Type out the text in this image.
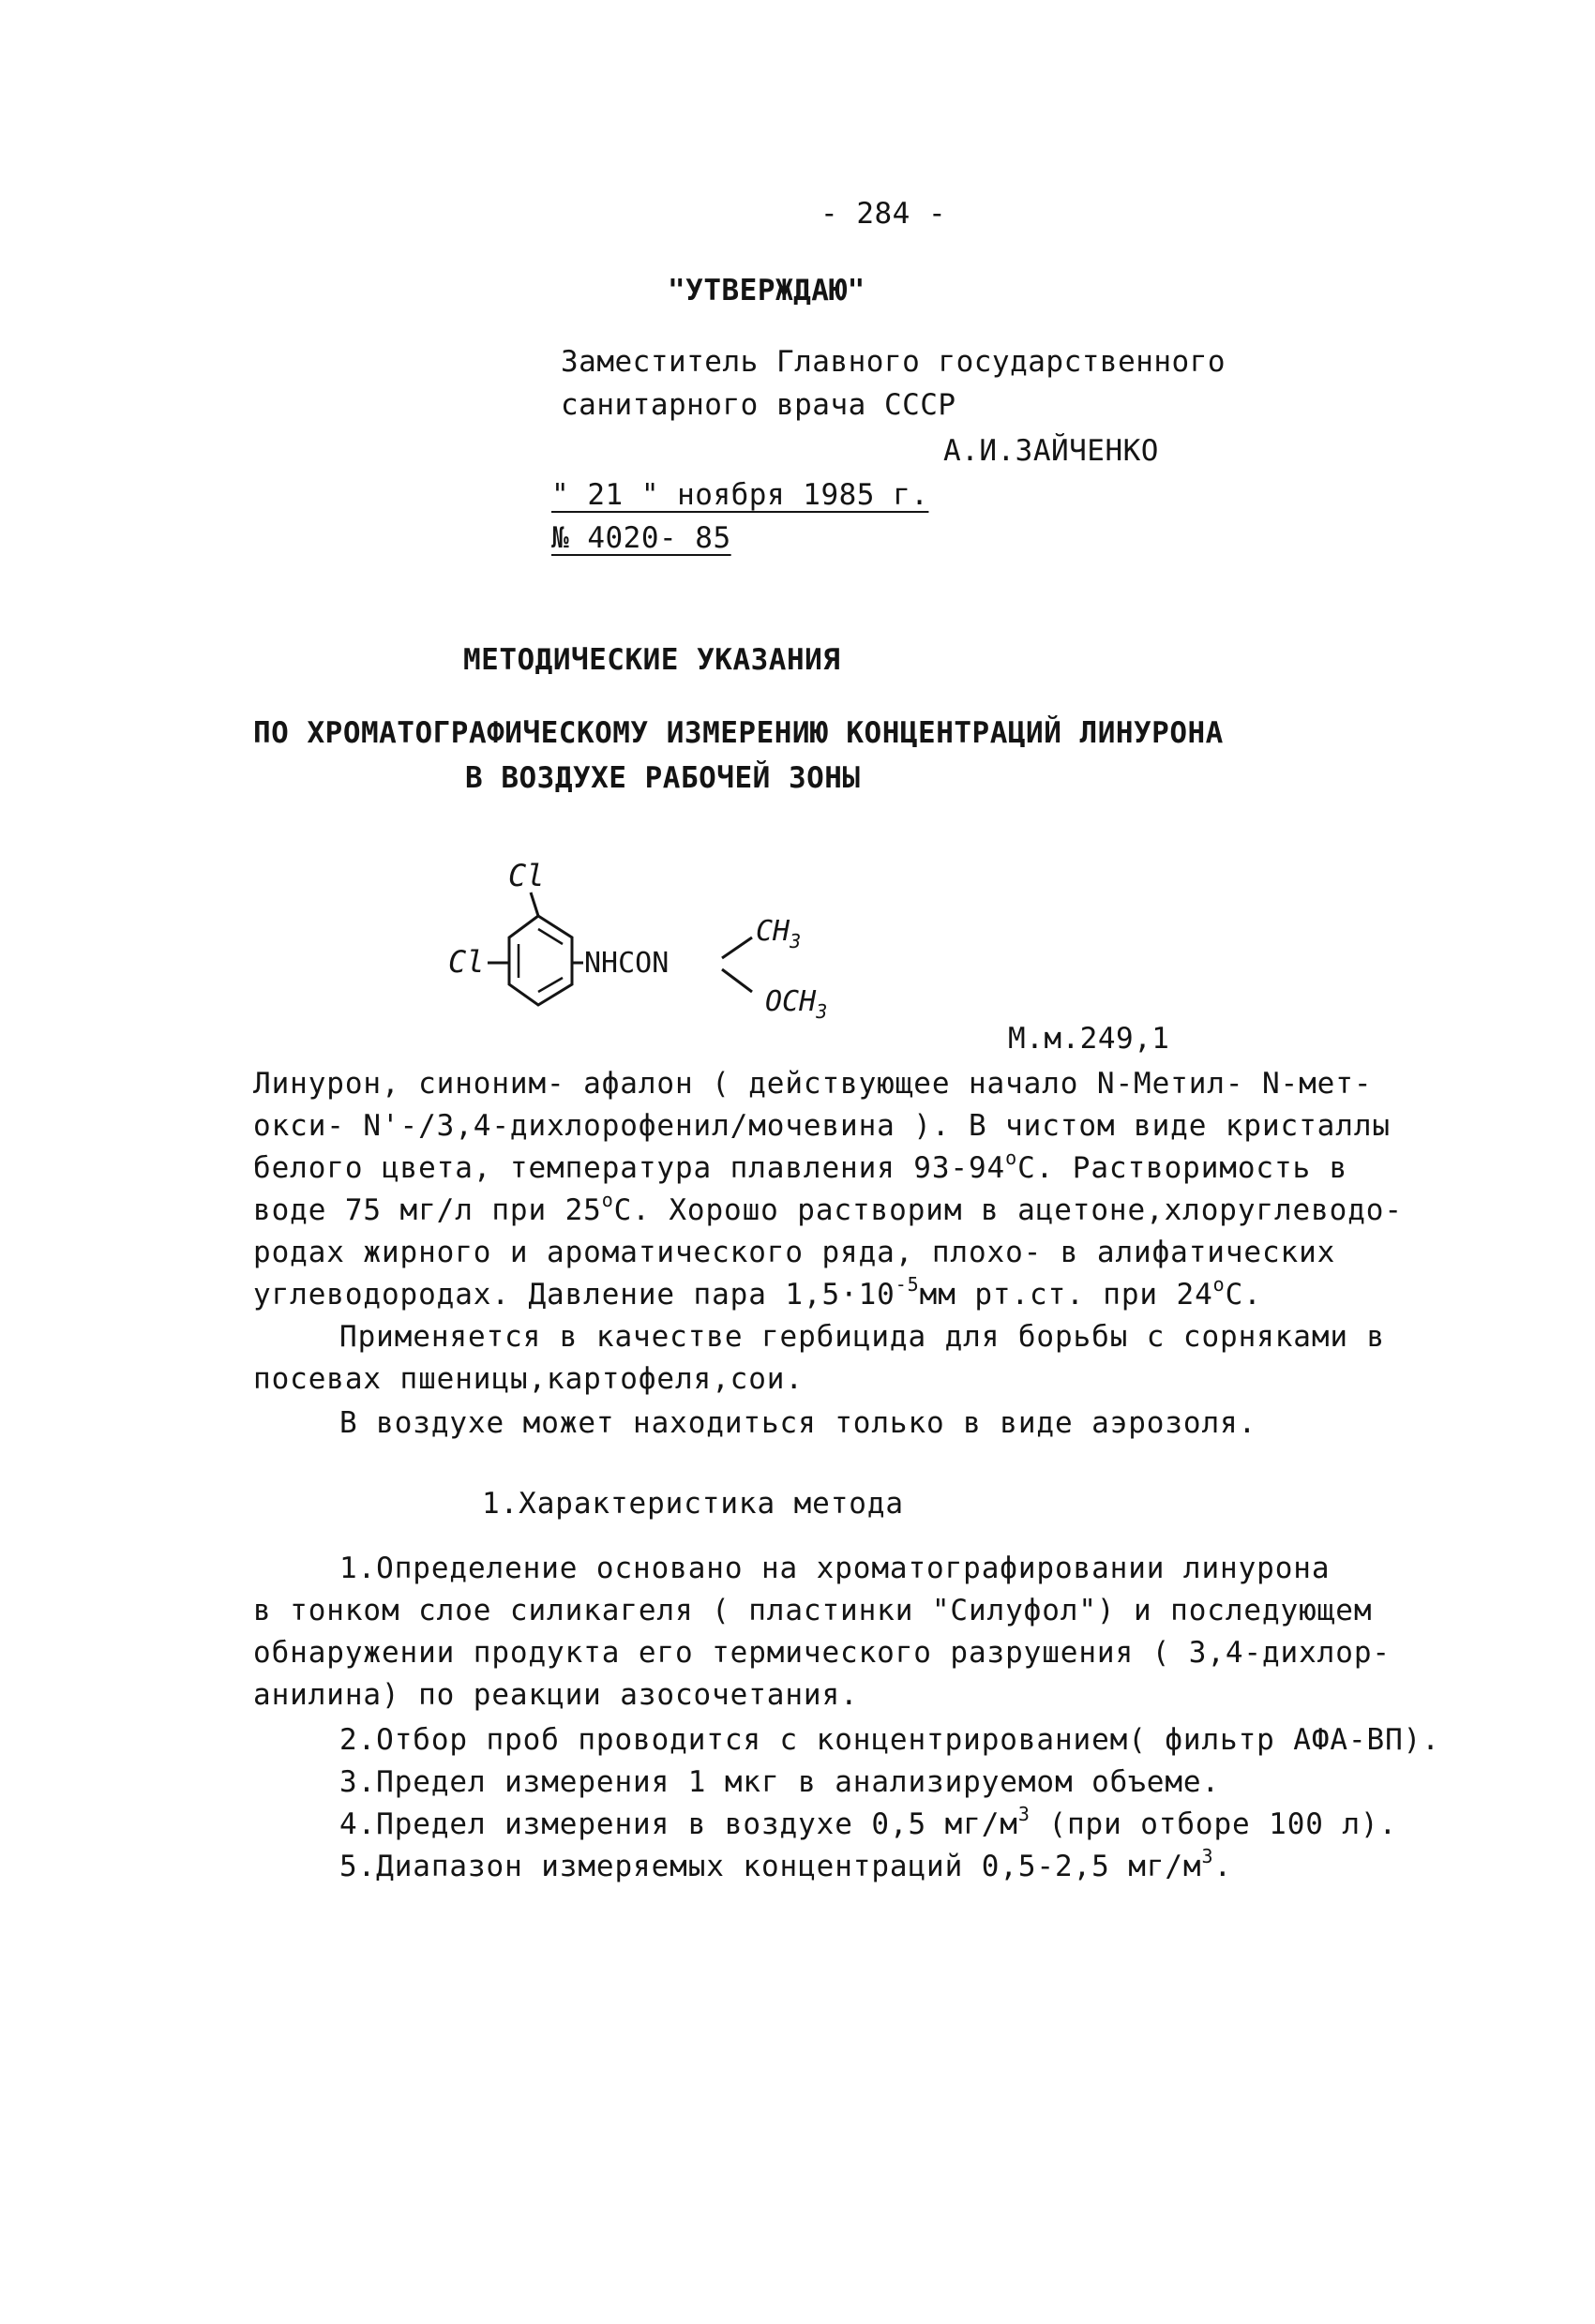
- 284 -
"УТВЕРЖДАЮ"
Заместитель Главного государственного
санитарного врача СССР
А.И.ЗАЙЧЕНКО
" 21 " ноября 1985 г.
№ 4020- 85
МЕТОДИЧЕСКИЕ УКАЗАНИЯ
ПО ХРОМАТОГРАФИЧЕСКОМУ ИЗМЕРЕНИЮ КОНЦЕНТРАЦИЙ ЛИНУРОНА
В ВОЗДУХЕ РАБОЧЕЙ ЗОНЫ
Cl
Cl	NHCON
$CH_3$
$OCH_3$
М.м.249,1
Линурон, синоним- афалон ( действующее начало N-Метил- N-мет-
окси- N'-/3,4-дихлорофенил/мочевина ). В чистом виде кристаллы
белого цвета, температура плавления 93-94$^o$С. Растворимость в
воде 75 мг/л при 25$^o$С. Хорошо растворим в ацетоне,хлоруглеводо-
родах жирного и ароматического ряда, плохо- в алифатических
углеводородах. Давление пара $1,5\cdot 10^{-5}мм$ рт.ст. при 24$^o$С.
Применяется в качестве гербицида для борьбы с сорняками в
посевах пшеницы,картофеля,сои.
В воздухе может находиться только в виде аэрозоля.
1.Характеристика метода
1.Определение основано на хроматографировании линурона
в тонком слое силикагеля ( пластинки "Силуфол") и последующем
обнаружении продукта его термического разрушения ( 3,4-дихлор-
анилина) по реакции азосочетания.
2.Отбор проб проводится с концентрированием( фильтр АФА-ВП).
3.Предел измерения 1 мкг в анализируемом объеме.
4.Предел измерения в воздухе 0,5 $мг/м^3$ (при отборе 100 л).
5.Диапазон измеряемых концентраций 0,5-2,5 $мг/м^3$.
